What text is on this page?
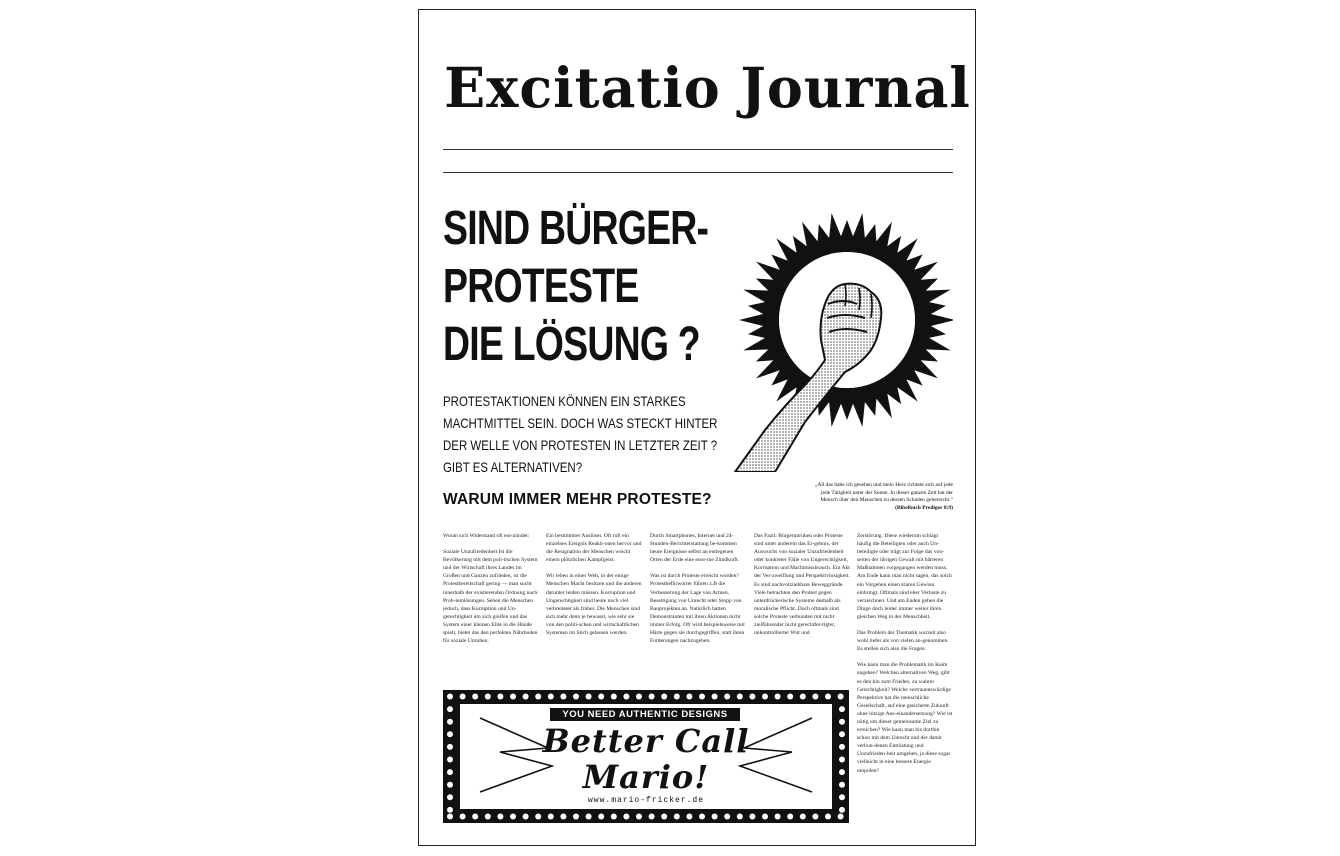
Excitatio Journal
SIND BÜRGER-
PROTESTE
DIE LÖSUNG ?
PROTESTAKTIONEN KÖNNEN EIN STARKES
MACHTMITTEL SEIN. DOCH WAS STECKT HINTER
DER WELLE VON PROTESTEN IN LETZTER ZEIT ?
GIBT ES ALTERNATIVEN?
„All das habe ich gesehen und mein Herz richtete sich auf jede
jede Tätigkeit unter der Sonne. In dieser ganzen Zeit hat der
Mensch über den Menschen zu dessen Schaden geherrscht.“
(Bibelbuch Prediger 8:9)
WARUM IMMER MEHR PROTESTE?

Woran sich Widerstand oft ent-zündet:

Soziale Unzufriedenheit Ist die Bevölkerung mit dem poli-tischen System und der Wirtschaft ihres Landes im Großen und Ganzen zufrieden, ist die Protestbereitschaft gering — man sucht innerhalb der existierenden Ordnung nach Prob-lemlösungen. Sehen die Menschen jedoch, dass Korruption und Un-gerechtigkeit um sich greifen und das System einer kleinen Elite in die Hände spielt, bietet das den perfekten Nährboden für soziale Unruhen.

Ein bestimmter Auslöser. Oft ruft ein einzelnes Ereignis Reakti-onen hervor und die Resignation der Menschen weicht einem plötzlichen Kampfgeist.

Wir leben in einer Welt, in der einige Menschen Macht besitzen und die anderen darunter leiden müssen. Korruption und Ungerechtigkeit sind heute noch viel verbreiteter als früher. Die Menschen sind sich mehr denn je bewusst, wie sehr sie von den politi-schen und wirtschaftlichen Systemen im Stich gelassen werden.

Durch Smartphones, Internet und 24-Stunden-Berichterstattung be-kommen heute Ereignisse selbst an entlegenen Orten der Erde eine enor-me Zündkraft.

Was ist durch Proteste erreicht worden? Protestbefürworter führen z.B die Verbesserung der Lage von Armen, Beseitigung von Unrecht oder Stopp von Bauprojekten an. Natürlich hatten Demonstranten mit ihren Aktionen nicht immer Erfolg. Oft wird beispielsweise mit Härte gegen sie durchgegriffen, statt ihren Forderungen nachzugeben.

Das Fazit: Bürgerunruhen oder Proteste sind unter anderem das Er-gebnis, der Auswuchs von sozialer Unzufriedenheit oder konkreter Fälle von Ungerechtigkeit, Korruption und Machtmissbrauch. Ein Akt der Ver-zweiflung und Perspektivlosigkeit. Es sind nachvollziehbare Beweggründe. Viele betrachten den Protest gegen unterdrückerische Systeme deshalb als moralische Pflicht. Doch oftmals sind solche Proteste verbunden mit nicht zielführender nicht gerechtfer-tigter, unkontrollierter Wut und

Zerstörung. Diese wiederum schlägt häufig die Beteiligten oder auch Un-beteiligte oder trägt zur Folge das von-seiten der übrigen Gewalt mit härteren Maßnahmen vorgegangen werden muss. Am Ende kann man nicht sagen, das solch ein Vorgehen einen klaren Gewinn einbringt. Oftmals sind eher Verluste zu verzeichnen. Und am Enden gehen die Dinge doch leider immer weiter ihren gleichen Weg in der Menschheit.

Das Problem der Thematik wurzelt also wohl tiefer als von vielen an-genommen. Es stellen sich also die Fragen:

Wie kann man die Problematik im Keim angehen? Welchen alternativen Weg, gibt es den hin zum Frieden, zu wahrer Gerechtigkeit? Welche vertrauenswürdige Perspektive hat die menschliche Gesellschaft, auf eine gesicherte Zukunft ohne hitzige Aus-einandersetzung? Wie ist nötig um dieser gemeinsame Ziel zu erreichen? Wie kann man bis dorthin schon mit dem Unrecht und der damit verbun-denen Entrüstung und Unzufrieden-heit umgehen, ja diese sogar vielleicht in eine bessere Energie umpolen?

YOU NEED AUTHENTIC DESIGNS
Better Call
Mario!
www.mario-fricker.de
